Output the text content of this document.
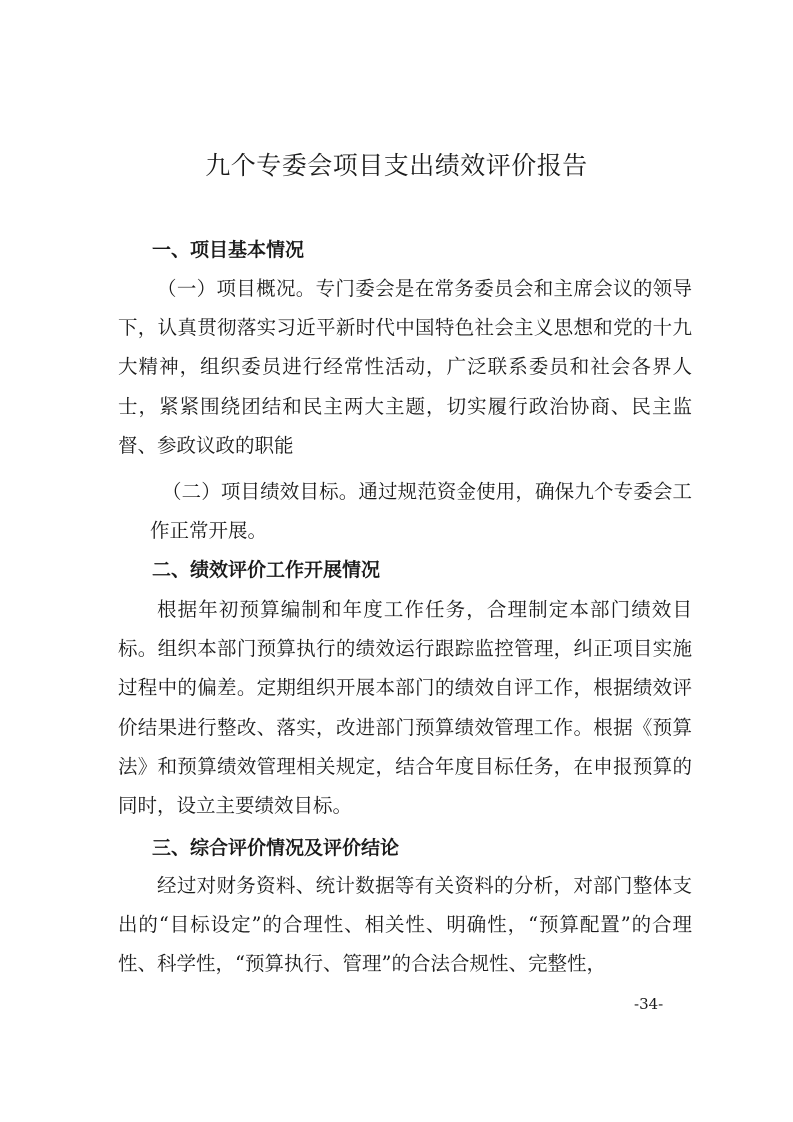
九个专委会项目支出绩效评价报告
一、项目基本情况

（一）项目概况。专门委会是在常务委员会和主席会议的领导下，认真贯彻落实习近平新时代中国特色社会主义思想和党的十九大精神，组织委员进行经常性活动，广泛联系委员和社会各界人士，紧紧围绕团结和民主两大主题，切实履行政治协商、民主监督、参政议政的职能

（二）项目绩效目标。通过规范资金使用，确保九个专委会工作正常开展。

二、绩效评价工作开展情况

根据年初预算编制和年度工作任务，合理制定本部门绩效目标。组织本部门预算执行的绩效运行跟踪监控管理，纠正项目实施过程中的偏差。定期组织开展本部门的绩效自评工作，根据绩效评价结果进行整改、落实，改进部门预算绩效管理工作。根据《预算法》和预算绩效管理相关规定，结合年度目标任务，在申报预算的同时，设立主要绩效目标。

三、综合评价情况及评价结论

经过对财务资料、统计数据等有关资料的分析，对部门整体支出的“目标设定”的合理性、相关性、明确性，“预算配置”的合理性、科学性，“预算执行、管理”的合法合规性、完整性，

-34-
